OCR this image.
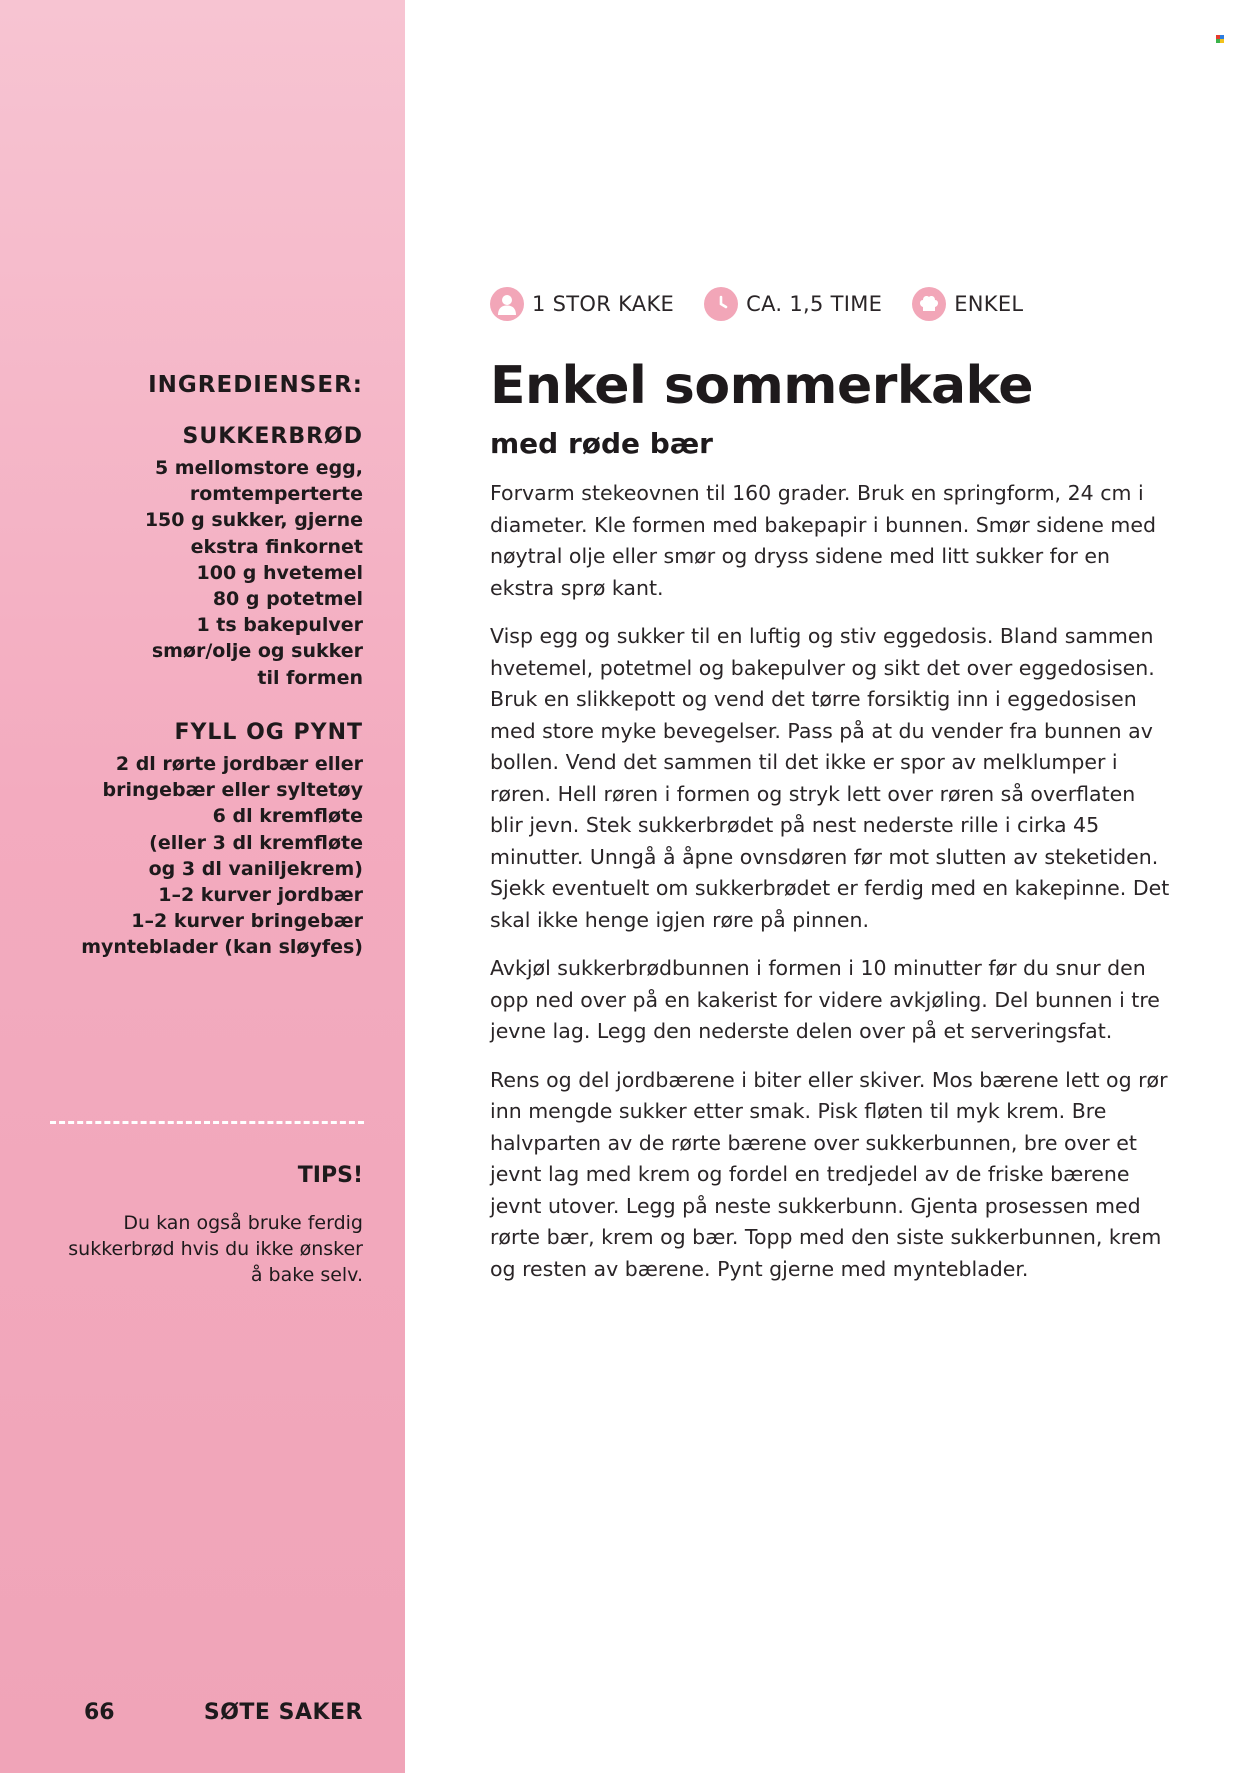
INGREDIENSER:
SUKKERBRØD
5 mellomstore egg,
romtemperterte
150 g sukker, gjerne
ekstra finkornet
100 g hvetemel
80 g potetmel
1 ts bakepulver
smør/olje og sukker
til formen
FYLL OG PYNT
2 dl rørte jordbær eller
bringebær eller syltetøy
6 dl kremfløte
(eller 3 dl kremfløte
og 3 dl vaniljekrem)
1–2 kurver jordbær
1–2 kurver bringebær
mynteblader (kan sløyfes)
TIPS!

Du kan også bruke ferdig sukkerbrød hvis du ikke ønsker å bake selv.

66	SØTE SAKER
1 STOR KAKE	CA. 1,5 TIME	ENKEL
Enkel sommerkake
med røde bær

Forvarm stekeovnen til 160 grader. Bruk en springform, 24 cm i diameter. Kle formen med bakepapir i bunnen. Smør sidene med nøytral olje eller smør og dryss sidene med litt sukker for en ekstra sprø kant.

Visp egg og sukker til en luftig og stiv eggedosis. Bland sammen hvetemel, potetmel og bakepulver og sikt det over eggedosisen. Bruk en slikkepott og vend det tørre forsiktig inn i eggedosisen med store myke bevegelser. Pass på at du vender fra bunnen av bollen. Vend det sammen til det ikke er spor av melklumper i røren. Hell røren i formen og stryk lett over røren så overflaten blir jevn. Stek sukkerbrødet på nest nederste rille i cirka 45 minutter. Unngå å åpne ovnsdøren før mot slutten av steketiden. Sjekk eventuelt om sukkerbrødet er ferdig med en kakepinne. Det skal ikke henge igjen røre på pinnen.

Avkjøl sukkerbrødbunnen i formen i 10 minutter før du snur den opp ned over på en kakerist for videre avkjøling. Del bunnen i tre jevne lag. Legg den nederste delen over på et serveringsfat.

Rens og del jordbærene i biter eller skiver. Mos bærene lett og rør inn mengde sukker etter smak. Pisk fløten til myk krem. Bre halvparten av de rørte bærene over sukkerbunnen, bre over et jevnt lag med krem og fordel en tredjedel av de friske bærene jevnt utover. Legg på neste sukkerbunn. Gjenta prosessen med rørte bær, krem og bær. Topp med den siste sukkerbunnen, krem og resten av bærene. Pynt gjerne med mynteblader.
